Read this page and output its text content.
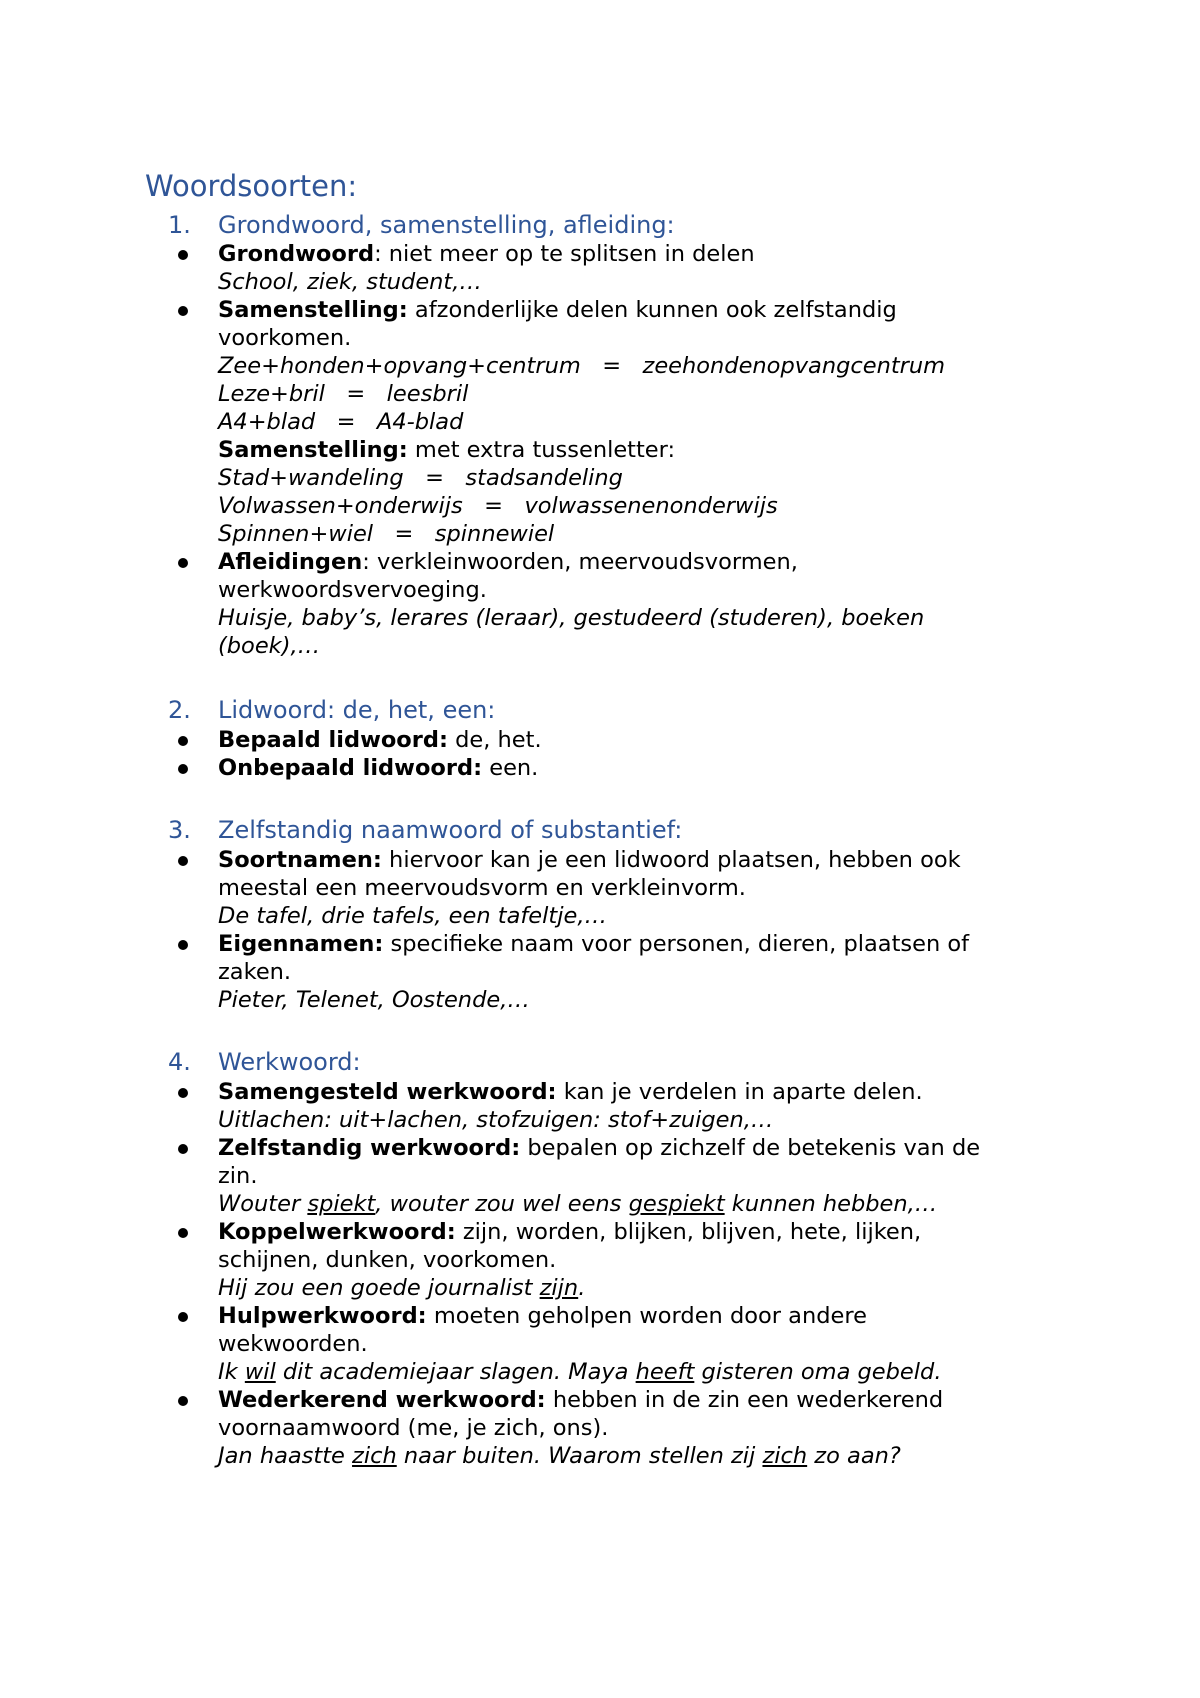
Woordsoorten:
1. Grondwoord, samenstelling, afleiding:
Grondwoord: niet meer op te splitsen in delen
School, ziek, student,…
Samenstelling: afzonderlijke delen kunnen ook zelfstandig
voorkomen.
Zee+honden+opvang+centrum   =   zeehondenopvangcentrum
Leze+bril   =   leesbril
A4+blad   =   A4-blad
Samenstelling: met extra tussenletter:
Stad+wandeling   =   stadsandeling
Volwassen+onderwijs   =   volwassenenonderwijs
Spinnen+wiel   =   spinnewiel
Afleidingen: verkleinwoorden, meervoudsvormen,
werkwoordsvervoeging.
Huisje, baby’s, lerares (leraar), gestudeerd (studeren), boeken
(boek),…
2. Lidwoord: de, het, een:
Bepaald lidwoord: de, het.
Onbepaald lidwoord: een.
3. Zelfstandig naamwoord of substantief:
Soortnamen: hiervoor kan je een lidwoord plaatsen, hebben ook
meestal een meervoudsvorm en verkleinvorm.
De tafel, drie tafels, een tafeltje,…
Eigennamen: specifieke naam voor personen, dieren, plaatsen of
zaken.
Pieter, Telenet, Oostende,…
4. Werkwoord:
Samengesteld werkwoord: kan je verdelen in aparte delen.
Uitlachen: uit+lachen, stofzuigen: stof+zuigen,…
Zelfstandig werkwoord: bepalen op zichzelf de betekenis van de
zin.
Wouter spiekt, wouter zou wel eens gespiekt kunnen hebben,…
Koppelwerkwoord: zijn, worden, blijken, blijven, hete, lijken,
schijnen, dunken, voorkomen.
Hij zou een goede journalist zijn.
Hulpwerkwoord: moeten geholpen worden door andere
wekwoorden.
Ik wil dit academiejaar slagen. Maya heeft gisteren oma gebeld.
Wederkerend werkwoord: hebben in de zin een wederkerend
voornaamwoord (me, je zich, ons).
Jan haastte zich naar buiten. Waarom stellen zij zich zo aan?
